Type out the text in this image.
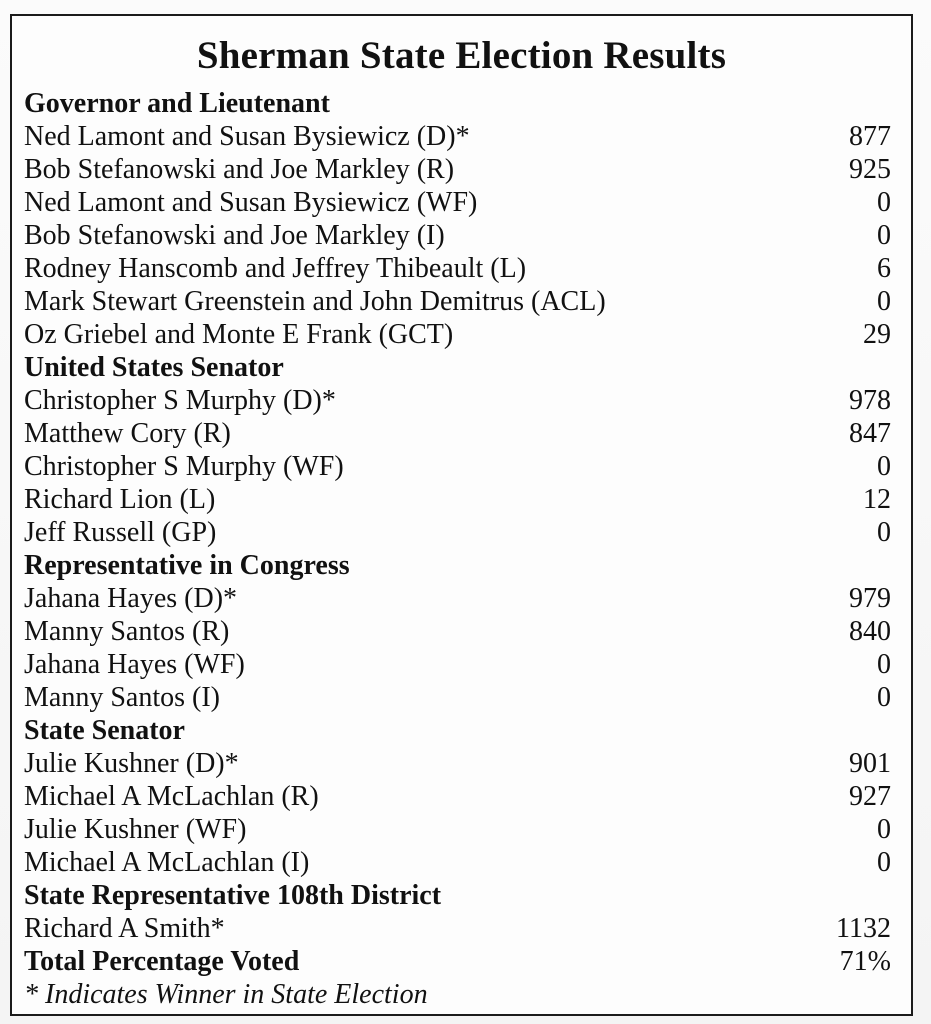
Sherman State Election Results
Governor and Lieutenant
Ned Lamont and Susan Bysiewicz (D)*	877
Bob Stefanowski and Joe Markley (R)	925
Ned Lamont and Susan Bysiewicz (WF)	0
Bob Stefanowski and Joe Markley (I)	0
Rodney Hanscomb and Jeffrey Thibeault (L)	6
Mark Stewart Greenstein and John Demitrus (ACL)	0
Oz Griebel and Monte E Frank (GCT)	29
United States Senator
Christopher S Murphy (D)*	978
Matthew Cory (R)	847
Christopher S Murphy (WF)	0
Richard Lion (L)	12
Jeff Russell (GP)	0
Representative in Congress
Jahana Hayes (D)*	979
Manny Santos (R)	840
Jahana Hayes (WF)	0
Manny Santos (I)	0
State Senator
Julie Kushner (D)*	901
Michael A McLachlan (R)	927
Julie Kushner (WF)	0
Michael A McLachlan (I)	0
State Representative 108th District
Richard A Smith*	1132
Total Percentage Voted	71%
* Indicates Winner in State Election
